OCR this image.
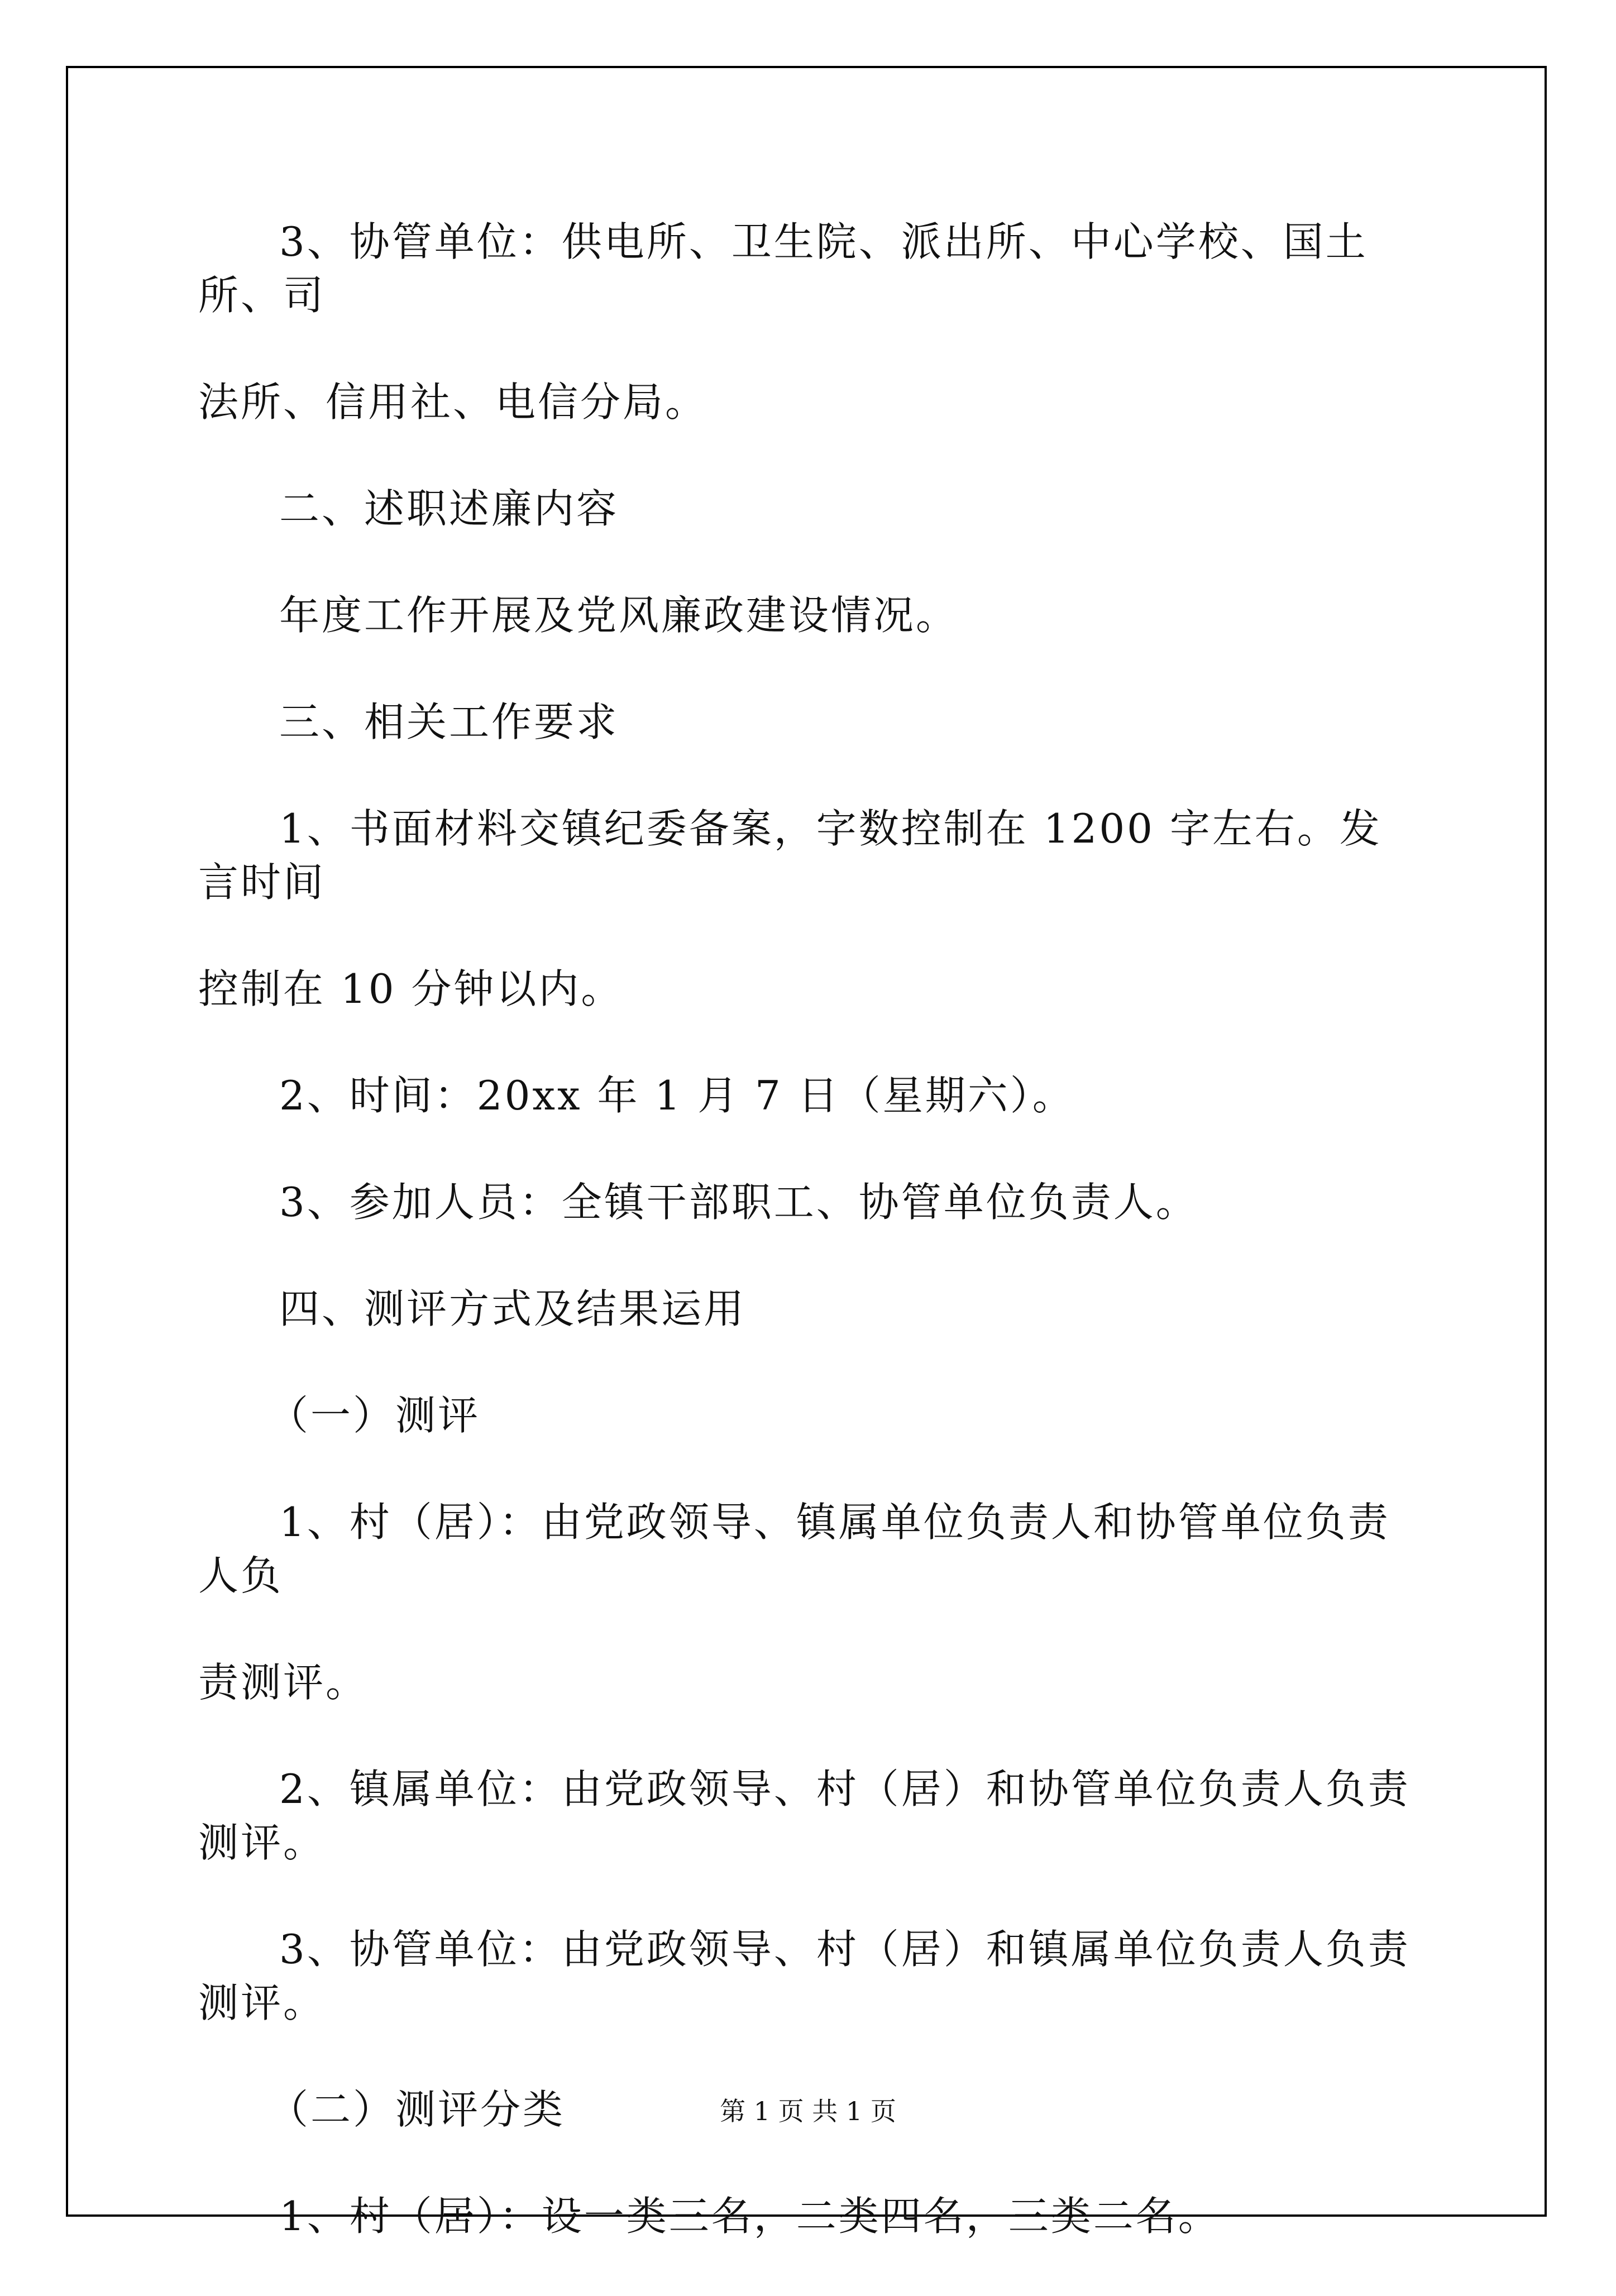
3、协管单位：供电所、卫生院、派出所、中心学校、国土所、司
法所、信用社、电信分局。

二、述职述廉内容

年度工作开展及党风廉政建设情况。

三、相关工作要求

1、书面材料交镇纪委备案，字数控制在 1200 字左右。发言时间
控制在 10 分钟以内。

2、时间：20xx 年 1 月 7 日（星期六）。

3、参加人员：全镇干部职工、协管单位负责人。

四、测评方式及结果运用

（一）测评

1、村（居）：由党政领导、镇属单位负责人和协管单位负责人负
责测评。

2、镇属单位：由党政领导、村（居）和协管单位负责人负责测评。

3、协管单位：由党政领导、村（居）和镇属单位负责人负责测评。

（二）测评分类

1、村（居）：设一类三名，二类四名，三类二名。

第 1 页 共 1 页
